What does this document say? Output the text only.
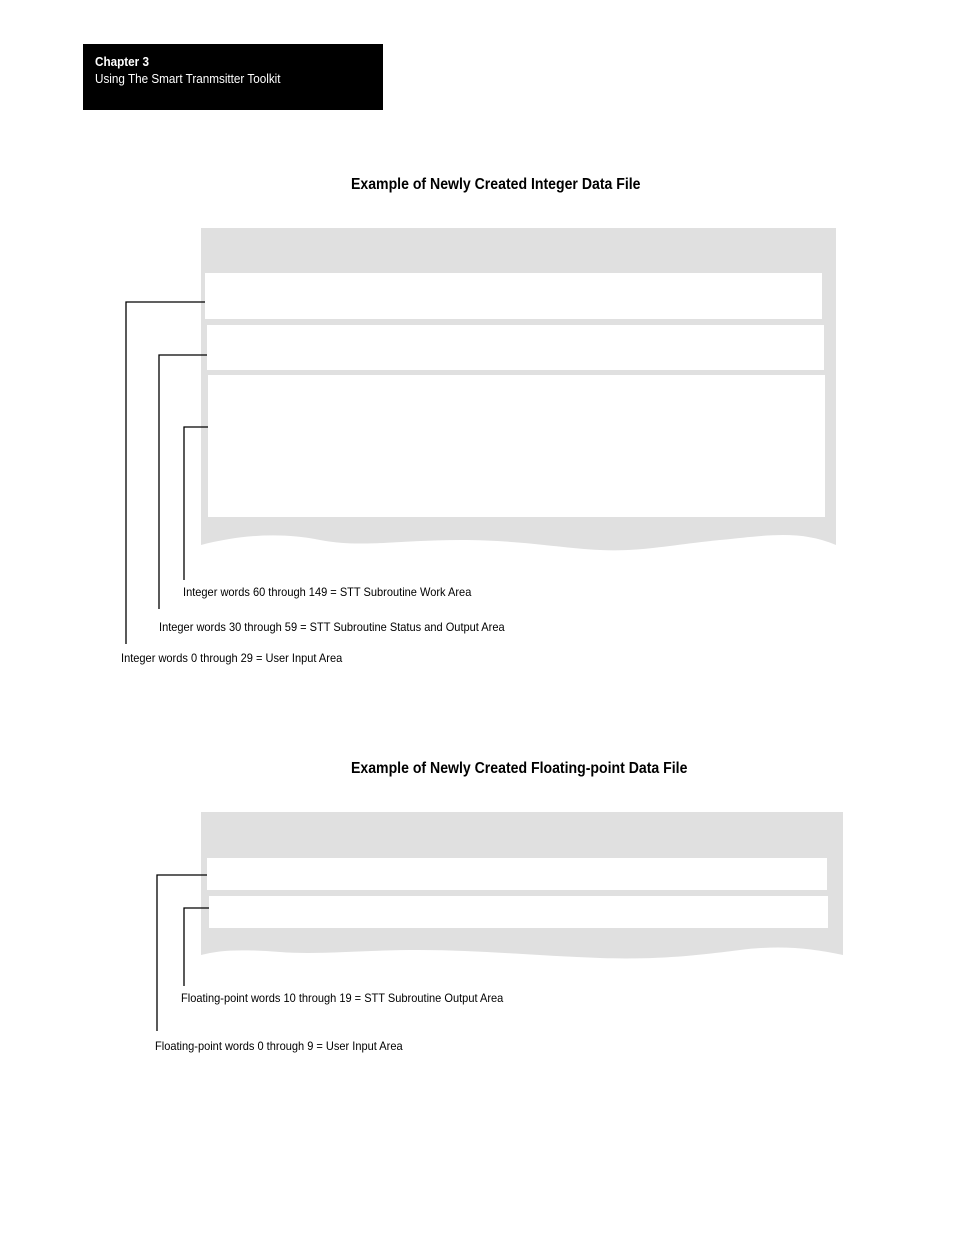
Chapter 3
Using The Smart Tranmsitter Toolkit
Example of Newly Created Integer Data File
Integer words 60 through 149 = STT Subroutine Work Area
Integer words 30 through 59 = STT Subroutine Status and Output Area
Integer words 0 through 29 = User Input Area
Example of Newly Created Floating-point Data File
Floating-point words 10 through 19 = STT Subroutine Output Area
Floating-point words 0 through 9 = User Input Area
